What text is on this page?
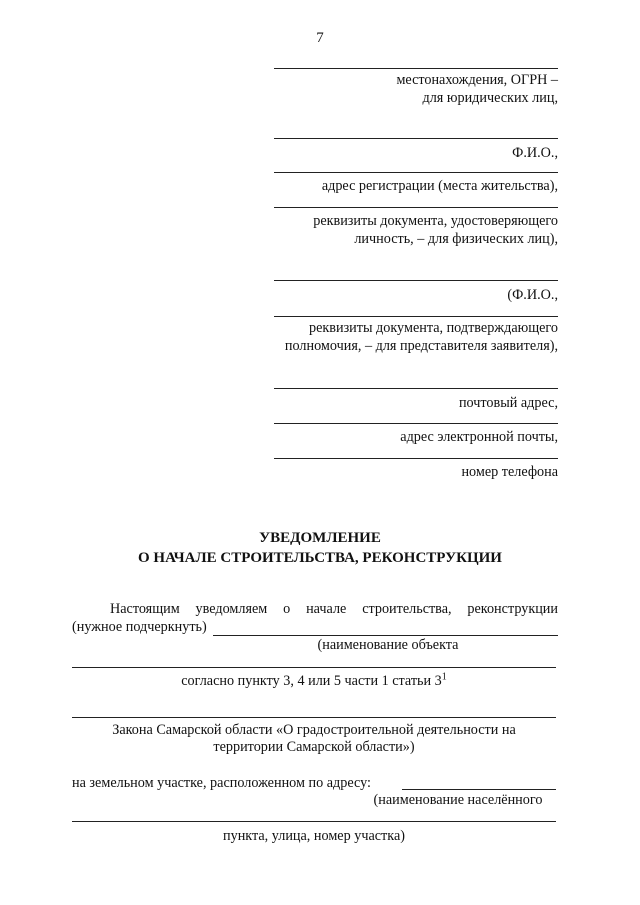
7
местонахождения, ОГРН –
для юридических лиц,
Ф.И.О.,
адрес регистрации (места жительства),
реквизиты документа, удостоверяющего
личность, – для физических лиц),
(Ф.И.О.,
реквизиты документа, подтверждающего
полномочия, – для представителя заявителя),
почтовый адрес,
адрес электронной почты,
номер телефона
УВЕДОМЛЕНИЕ
О НАЧАЛЕ СТРОИТЕЛЬСТВА, РЕКОНСТРУКЦИИ
Настоящим уведомляем о начале строительства, реконструкции
(нужное подчеркнуть)
(наименование объекта
согласно пункту 3, 4 или 5 части 1 статьи $3^1$
Закона Самарской области «О градостроительной деятельности на
территории Самарской области»)
на земельном участке, расположенном по адресу:
(наименование населённого
пункта, улица, номер участка)
